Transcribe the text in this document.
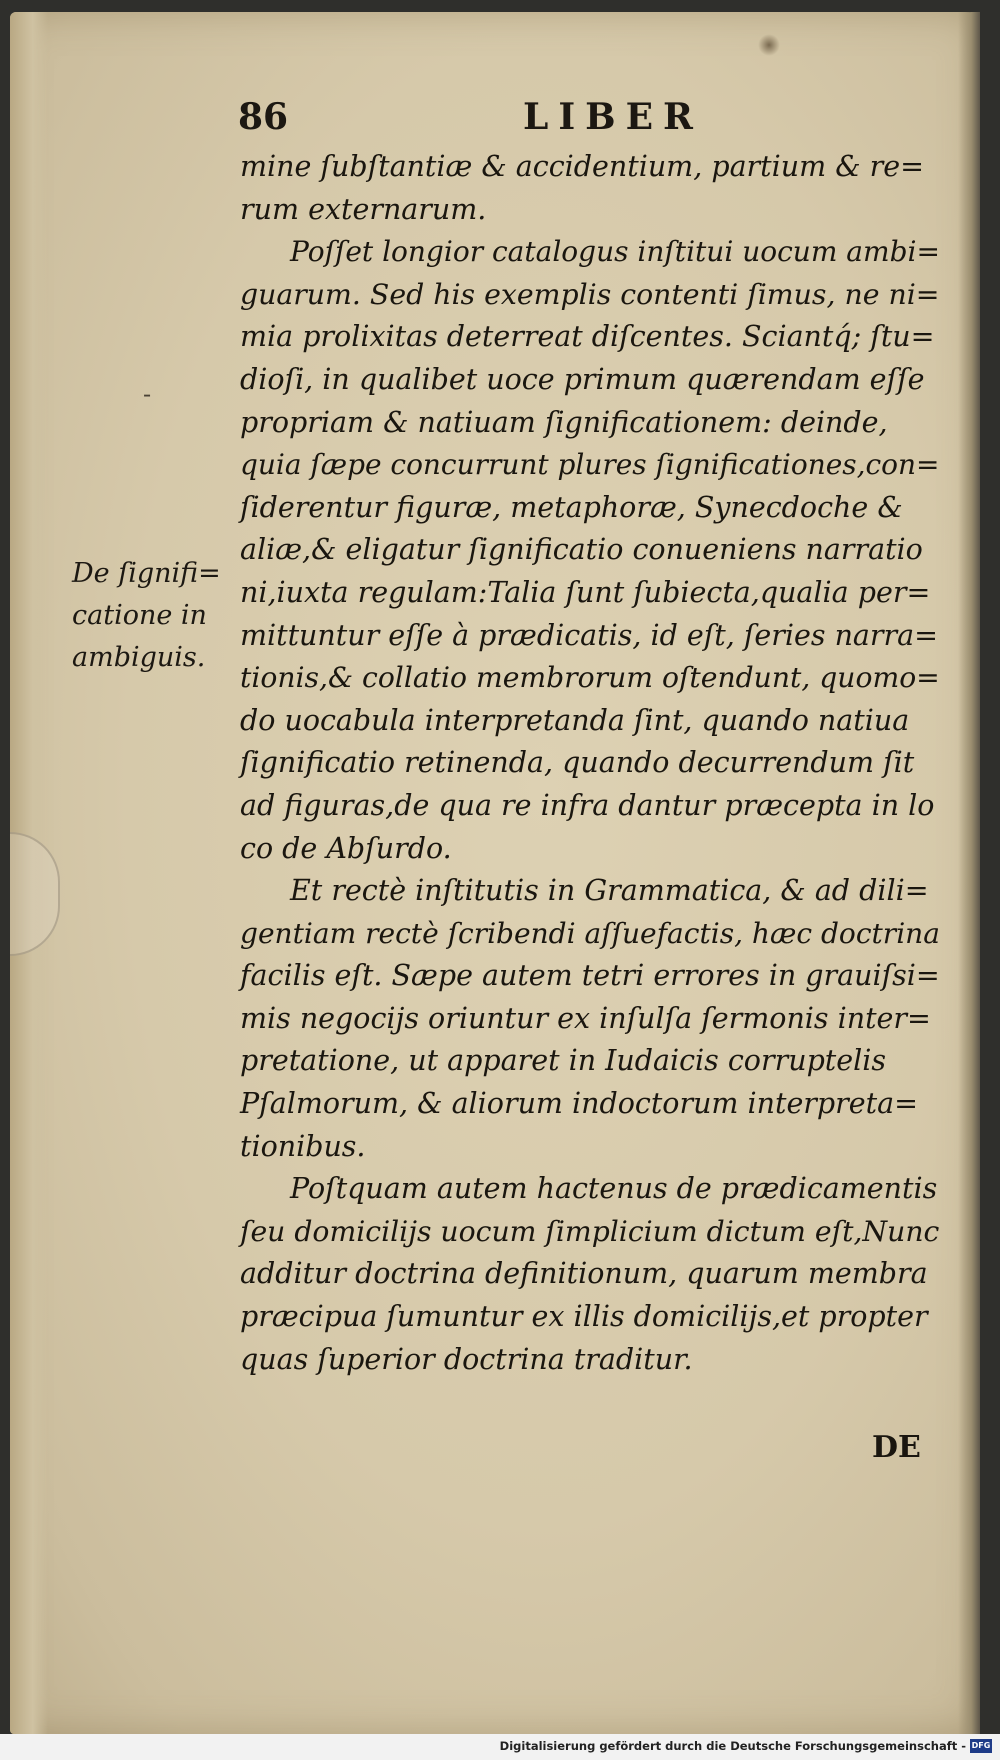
86	LIBER
-
De ſignifi=
catione in
ambiguis.
mine ſubſtantiæ & accidentium, partium & re=
rum externarum.
Poſſet longior catalogus inſtitui uocum ambi=
guarum. Sed his exemplis contenti ſimus, ne ni=
mia prolixitas deterreat diſcentes. Sciantq́; ſtu=
dioſi, in qualibet uoce primum quærendam eſſe
propriam & natiuam ſignificationem: deinde,
quia ſæpe concurrunt plures ſignificationes,con=
ſiderentur figuræ, metaphoræ, Synecdoche &
aliæ,& eligatur ſignificatio conueniens narratio
ni,iuxta regulam:Talia ſunt ſubiecta,qualia per=
mittuntur eſſe à prædicatis, id eſt, ſeries narra=
tionis,& collatio membrorum oſtendunt, quomo=
do uocabula interpretanda ſint, quando natiua
ſignificatio retinenda, quando decurrendum ſit
ad figuras,de qua re infra dantur præcepta in lo
co de Abſurdo.
Et rectè inſtitutis in Grammatica, & ad dili=
gentiam rectè ſcribendi aſſuefactis, hæc doctrina
facilis eſt. Sæpe autem tetri errores in grauiſsi=
mis negocijs oriuntur ex inſulſa ſermonis inter=
pretatione, ut apparet in Iudaicis corruptelis
Pſalmorum, & aliorum indoctorum interpreta=
tionibus.
Poſtquam autem hactenus de prædicamentis
ſeu domicilijs uocum ſimplicium dictum eſt,Nunc
additur doctrina definitionum, quarum membra
præcipua ſumuntur ex illis domicilijs,et propter
quas ſuperior doctrina traditur.
DE
Digitalisierung gefördert durch die Deutsche Forschungsgemeinschaft - DFG
